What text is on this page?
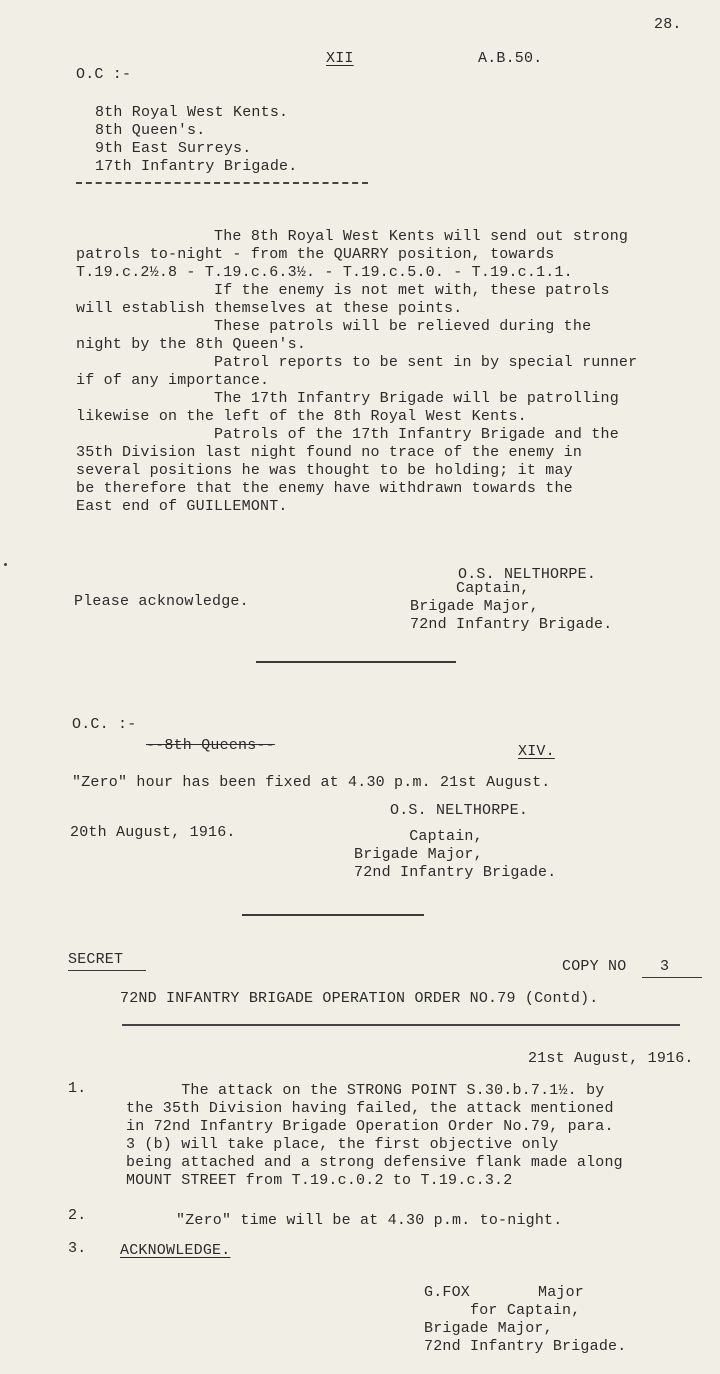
28.
XII	A.B.50.
O.C :-
8th Royal West Kents.
8th Queen's.
9th East Surreys.
17th Infantry Brigade.
The 8th Royal West Kents will send out strong
patrols to-night - from the QUARRY position, towards
T.19.c.2½.8 - T.19.c.6.3½. - T.19.c.5.0. - T.19.c.1.1.
If the enemy is not met with, these patrols
will establish themselves at these points.
These patrols will be relieved during the
night by the 8th Queen's.
Patrol reports to be sent in by special runner
if of any importance.
The 17th Infantry Brigade will be patrolling
likewise on the left of the 8th Royal West Kents.
Patrols of the 17th Infantry Brigade and the
35th Division last night found no trace of the enemy in
several positions he was thought to be holding; it may
be therefore that the enemy have withdrawn towards the
East end of GUILLEMONT.
O.S. NELTHORPE.
Please acknowledge.
Captain,
Brigade Major,
72nd Infantry Brigade.
O.C. :-
--8th Queens--	XIV.
"Zero" hour has been fixed at 4.30 p.m. 21st August.
O.S. NELTHORPE.
20th August, 1916.	Captain,
Brigade Major,
72nd Infantry Brigade.
SECRET	COPY NO 3
72ND INFANTRY BRIGADE OPERATION ORDER NO.79 (Contd).
21st August, 1916.
1.	The attack on the STRONG POINT S.30.b.7.1½. by
the 35th Division having failed, the attack mentioned
in 72nd Infantry Brigade Operation Order No.79, para.
3 (b) will take place, the first objective only
being attached and a strong defensive flank made along
MOUNT STREET from T.19.c.0.2 to T.19.c.3.2
2.	"Zero" time will be at 4.30 p.m. to-night.
3. ACKNOWLEDGE.
G.FOX	Major
for Captain,
Brigade Major,
72nd Infantry Brigade.
